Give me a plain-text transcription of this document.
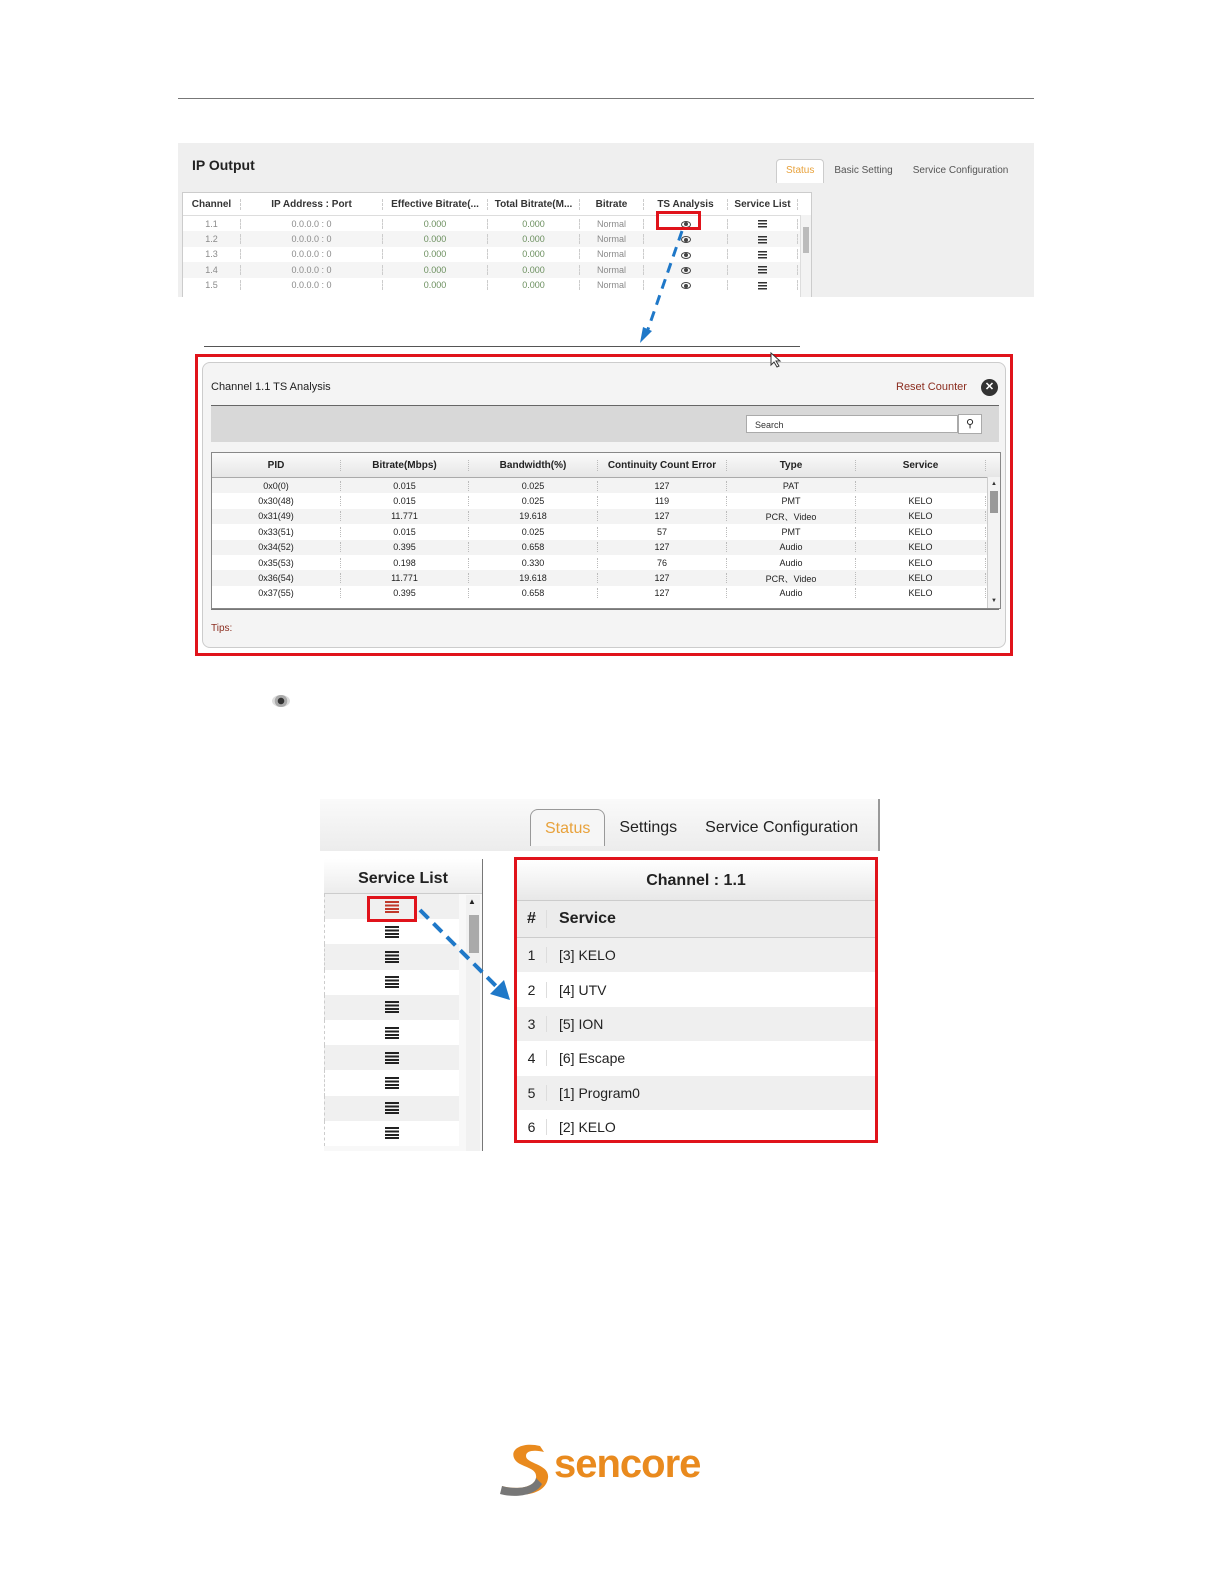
IP Output	Status	Basic Setting	Service Configuration
Channel	IP Address : Port	Effective Bitrate(...	Total Bitrate(M...	Bitrate	TS Analysis	Service List
1.1	0.0.0.0 : 0	0.000	0.000	Normal
1.2	0.0.0.0 : 0	0.000	0.000	Normal
1.3	0.0.0.0 : 0	0.000	0.000	Normal
1.4	0.0.0.0 : 0	0.000	0.000	Normal
1.5	0.0.0.0 : 0	0.000	0.000	Normal
Channel 1.1 TS Analysis	Reset Counter	✕
Search	⚲
PID	Bitrate(Mbps)	Bandwidth(%)	Continuity Count Error	Type	Service
0x0(0)	0.015	0.025	127	PAT
0x30(48)	0.015	0.025	119	PMT	KELO
0x31(49)	11.771	19.618	127	PCR、Video	KELO
0x33(51)	0.015	0.025	57	PMT	KELO
0x34(52)	0.395	0.658	127	Audio	KELO
0x35(53)	0.198	0.330	76	Audio	KELO
0x36(54)	11.771	19.618	127	PCR、Video	KELO
0x37(55)	0.395	0.658	127	Audio	KELO
▲
▼
Tips:
Status	Settings	Service Configuration
Service List
▲
Channel : 1.1
#	Service
1	[3] KELO
2	[4] UTV
3	[5] ION
4	[6] Escape
5	[1] Program0
6	[2] KELO
sencore
